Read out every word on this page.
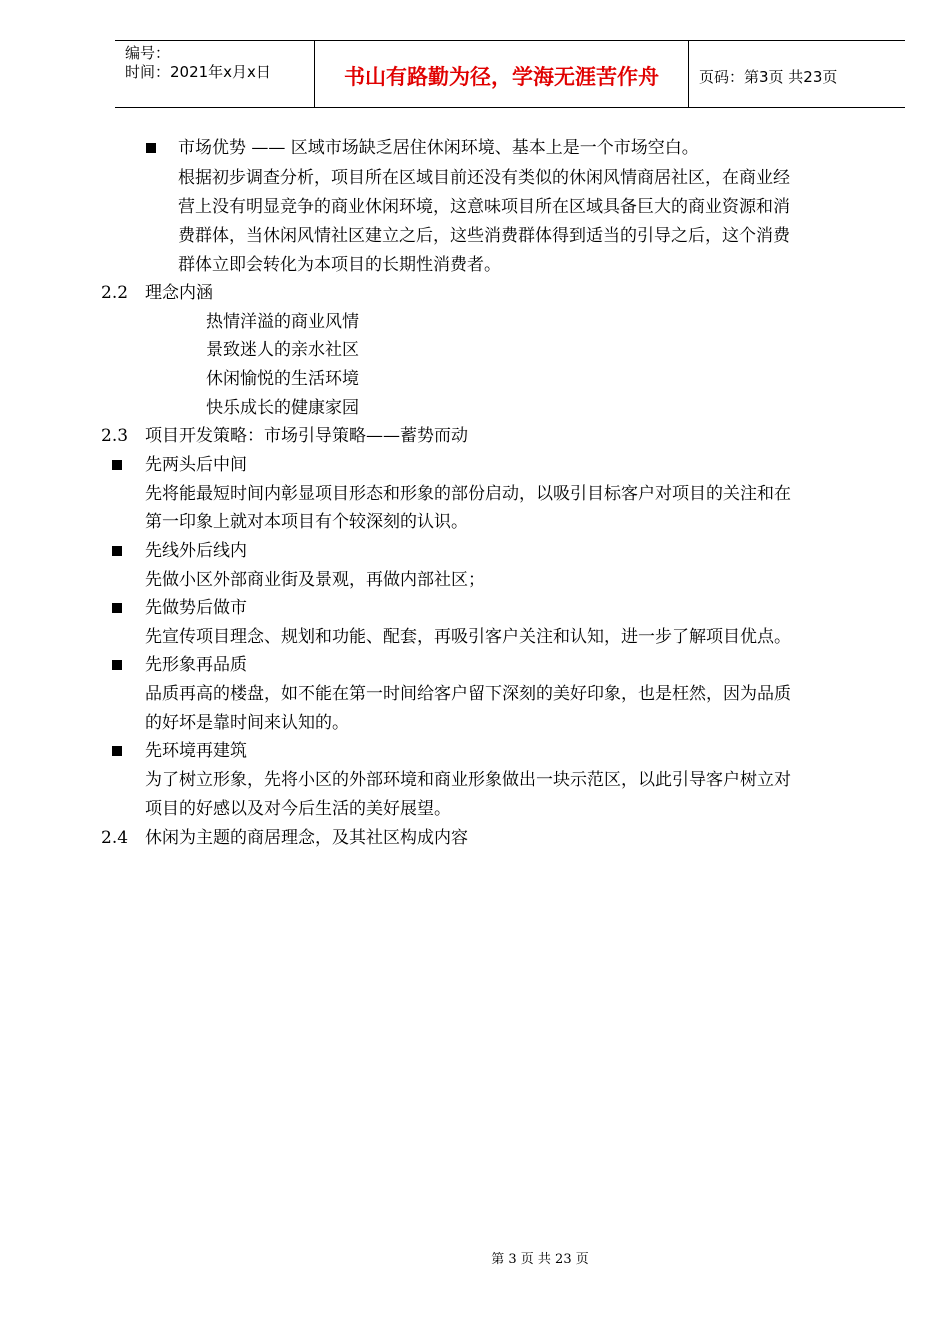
编号：
时间：2021年x月x日	书山有路勤为径，学海无涯苦作舟	页码：第3页 共23页
市场优势 —— 区域市场缺乏居住休闲环境、基本上是一个市场空白。
根据初步调查分析，项目所在区域目前还没有类似的休闲风情商居社区，在商业经
营上没有明显竞争的商业休闲环境，这意味项目所在区域具备巨大的商业资源和消
费群体，当休闲风情社区建立之后，这些消费群体得到适当的引导之后，这个消费
群体立即会转化为本项目的长期性消费者。
2.2 理念内涵
热情洋溢的商业风情
景致迷人的亲水社区
休闲愉悦的生活环境
快乐成长的健康家园
2.3 项目开发策略：市场引导策略——蓄势而动
先两头后中间
先将能最短时间内彰显项目形态和形象的部份启动，以吸引目标客户对项目的关注和在
第一印象上就对本项目有个较深刻的认识。
先线外后线内
先做小区外部商业街及景观，再做内部社区；
先做势后做市
先宣传项目理念、规划和功能、配套，再吸引客户关注和认知，进一步了解项目优点。
先形象再品质
品质再高的楼盘，如不能在第一时间给客户留下深刻的美好印象，也是枉然，因为品质
的好坏是靠时间来认知的。
先环境再建筑
为了树立形象，先将小区的外部环境和商业形象做出一块示范区，以此引导客户树立对
项目的好感以及对今后生活的美好展望。
2.4 休闲为主题的商居理念，及其社区构成内容
第 3 页 共 23 页
